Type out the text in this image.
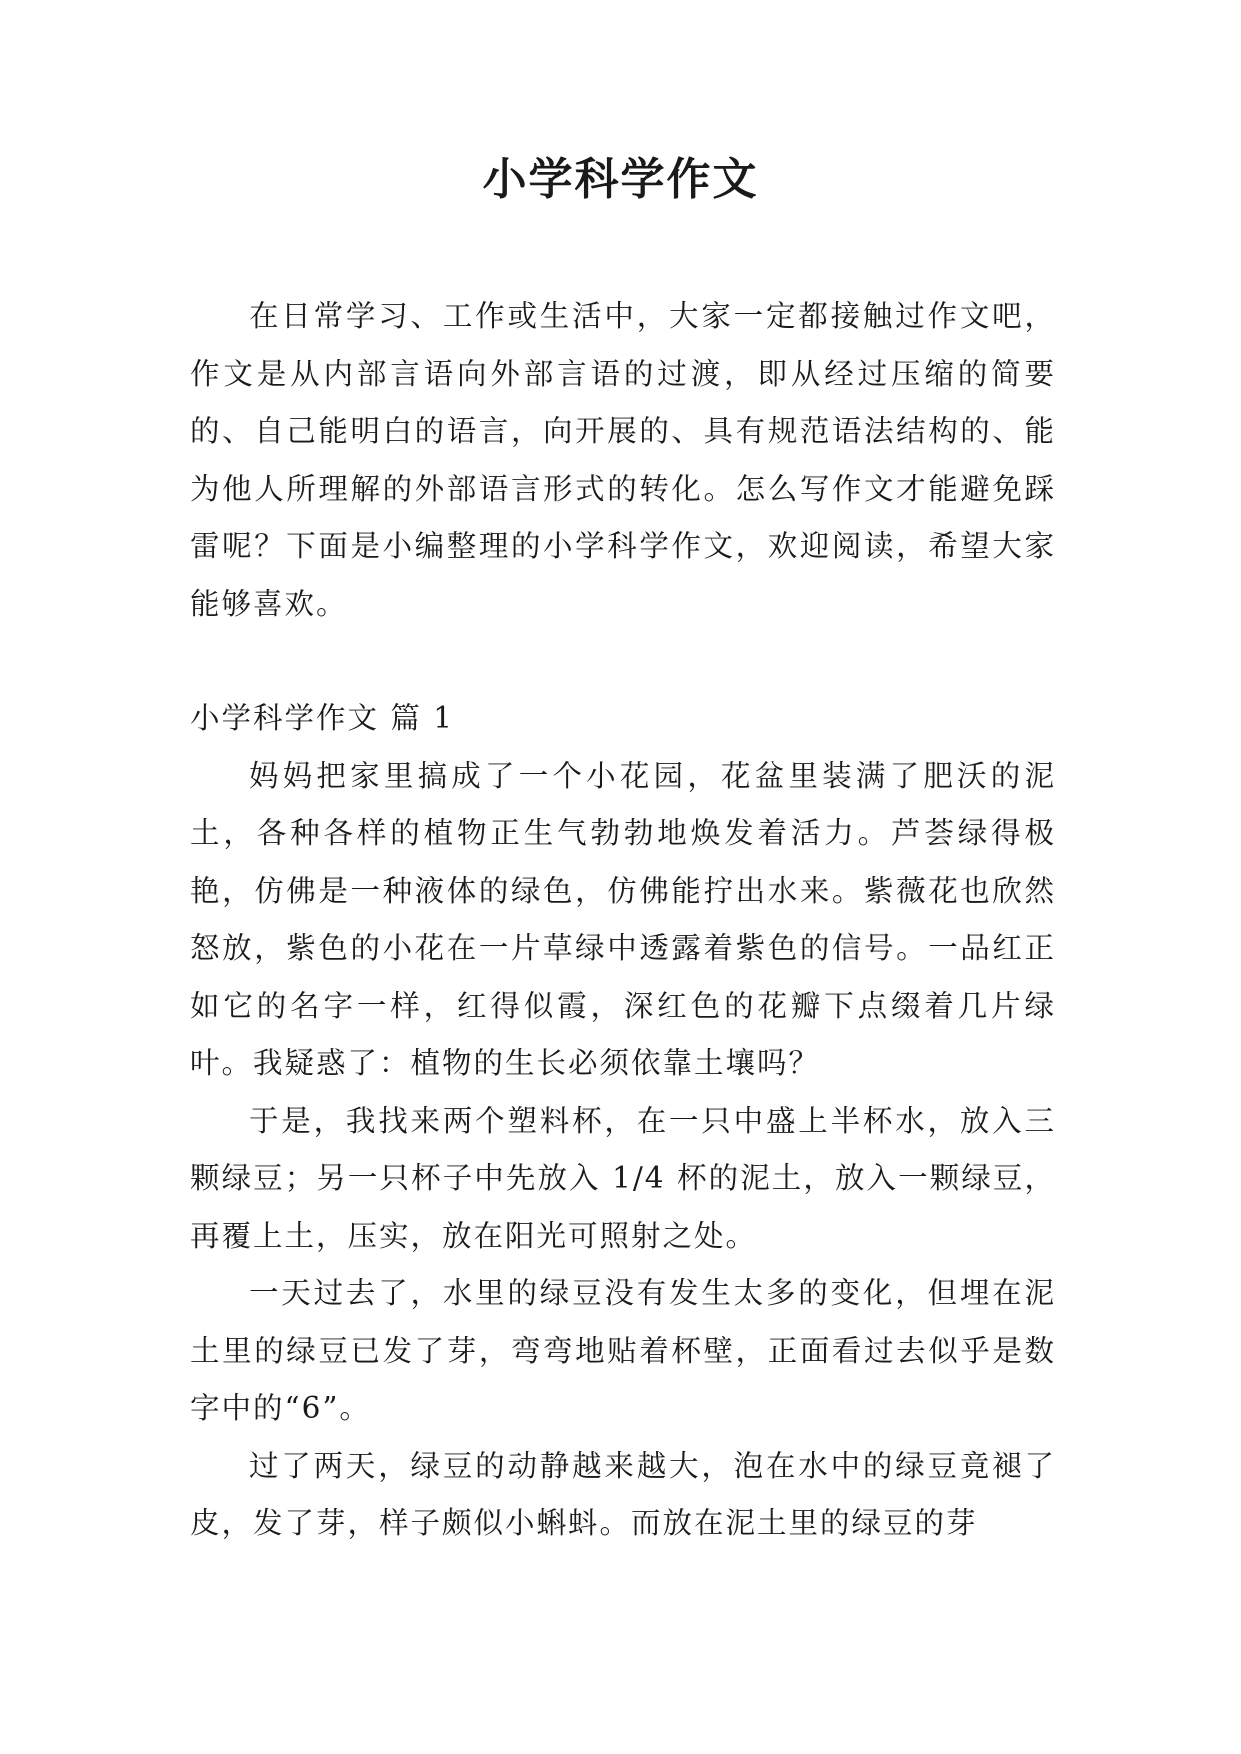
小学科学作文

在日常学习、工作或生活中，大家一定都接触过作文吧，作文是从内部言语向外部言语的过渡，即从经过压缩的简要的、自己能明白的语言，向开展的、具有规范语法结构的、能为他人所理解的外部语言形式的转化。怎么写作文才能避免踩雷呢？下面是小编整理的小学科学作文，欢迎阅读，希望大家能够喜欢。

小学科学作文 篇 1

妈妈把家里搞成了一个小花园，花盆里装满了肥沃的泥土，各种各样的植物正生气勃勃地焕发着活力。芦荟绿得极艳，仿佛是一种液体的绿色，仿佛能拧出水来。紫薇花也欣然怒放，紫色的小花在一片草绿中透露着紫色的信号。一品红正如它的名字一样，红得似霞，深红色的花瓣下点缀着几片绿叶。我疑惑了：植物的生长必须依靠土壤吗？

于是，我找来两个塑料杯，在一只中盛上半杯水，放入三颗绿豆；另一只杯子中先放入 1/4 杯的泥土，放入一颗绿豆，再覆上土，压实，放在阳光可照射之处。

一天过去了，水里的绿豆没有发生太多的变化，但埋在泥土里的绿豆已发了芽，弯弯地贴着杯壁，正面看过去似乎是数字中的“6”。

过了两天，绿豆的动静越来越大，泡在水中的绿豆竟褪了皮，发了芽，样子颇似小蝌蚪。而放在泥土里的绿豆的芽
